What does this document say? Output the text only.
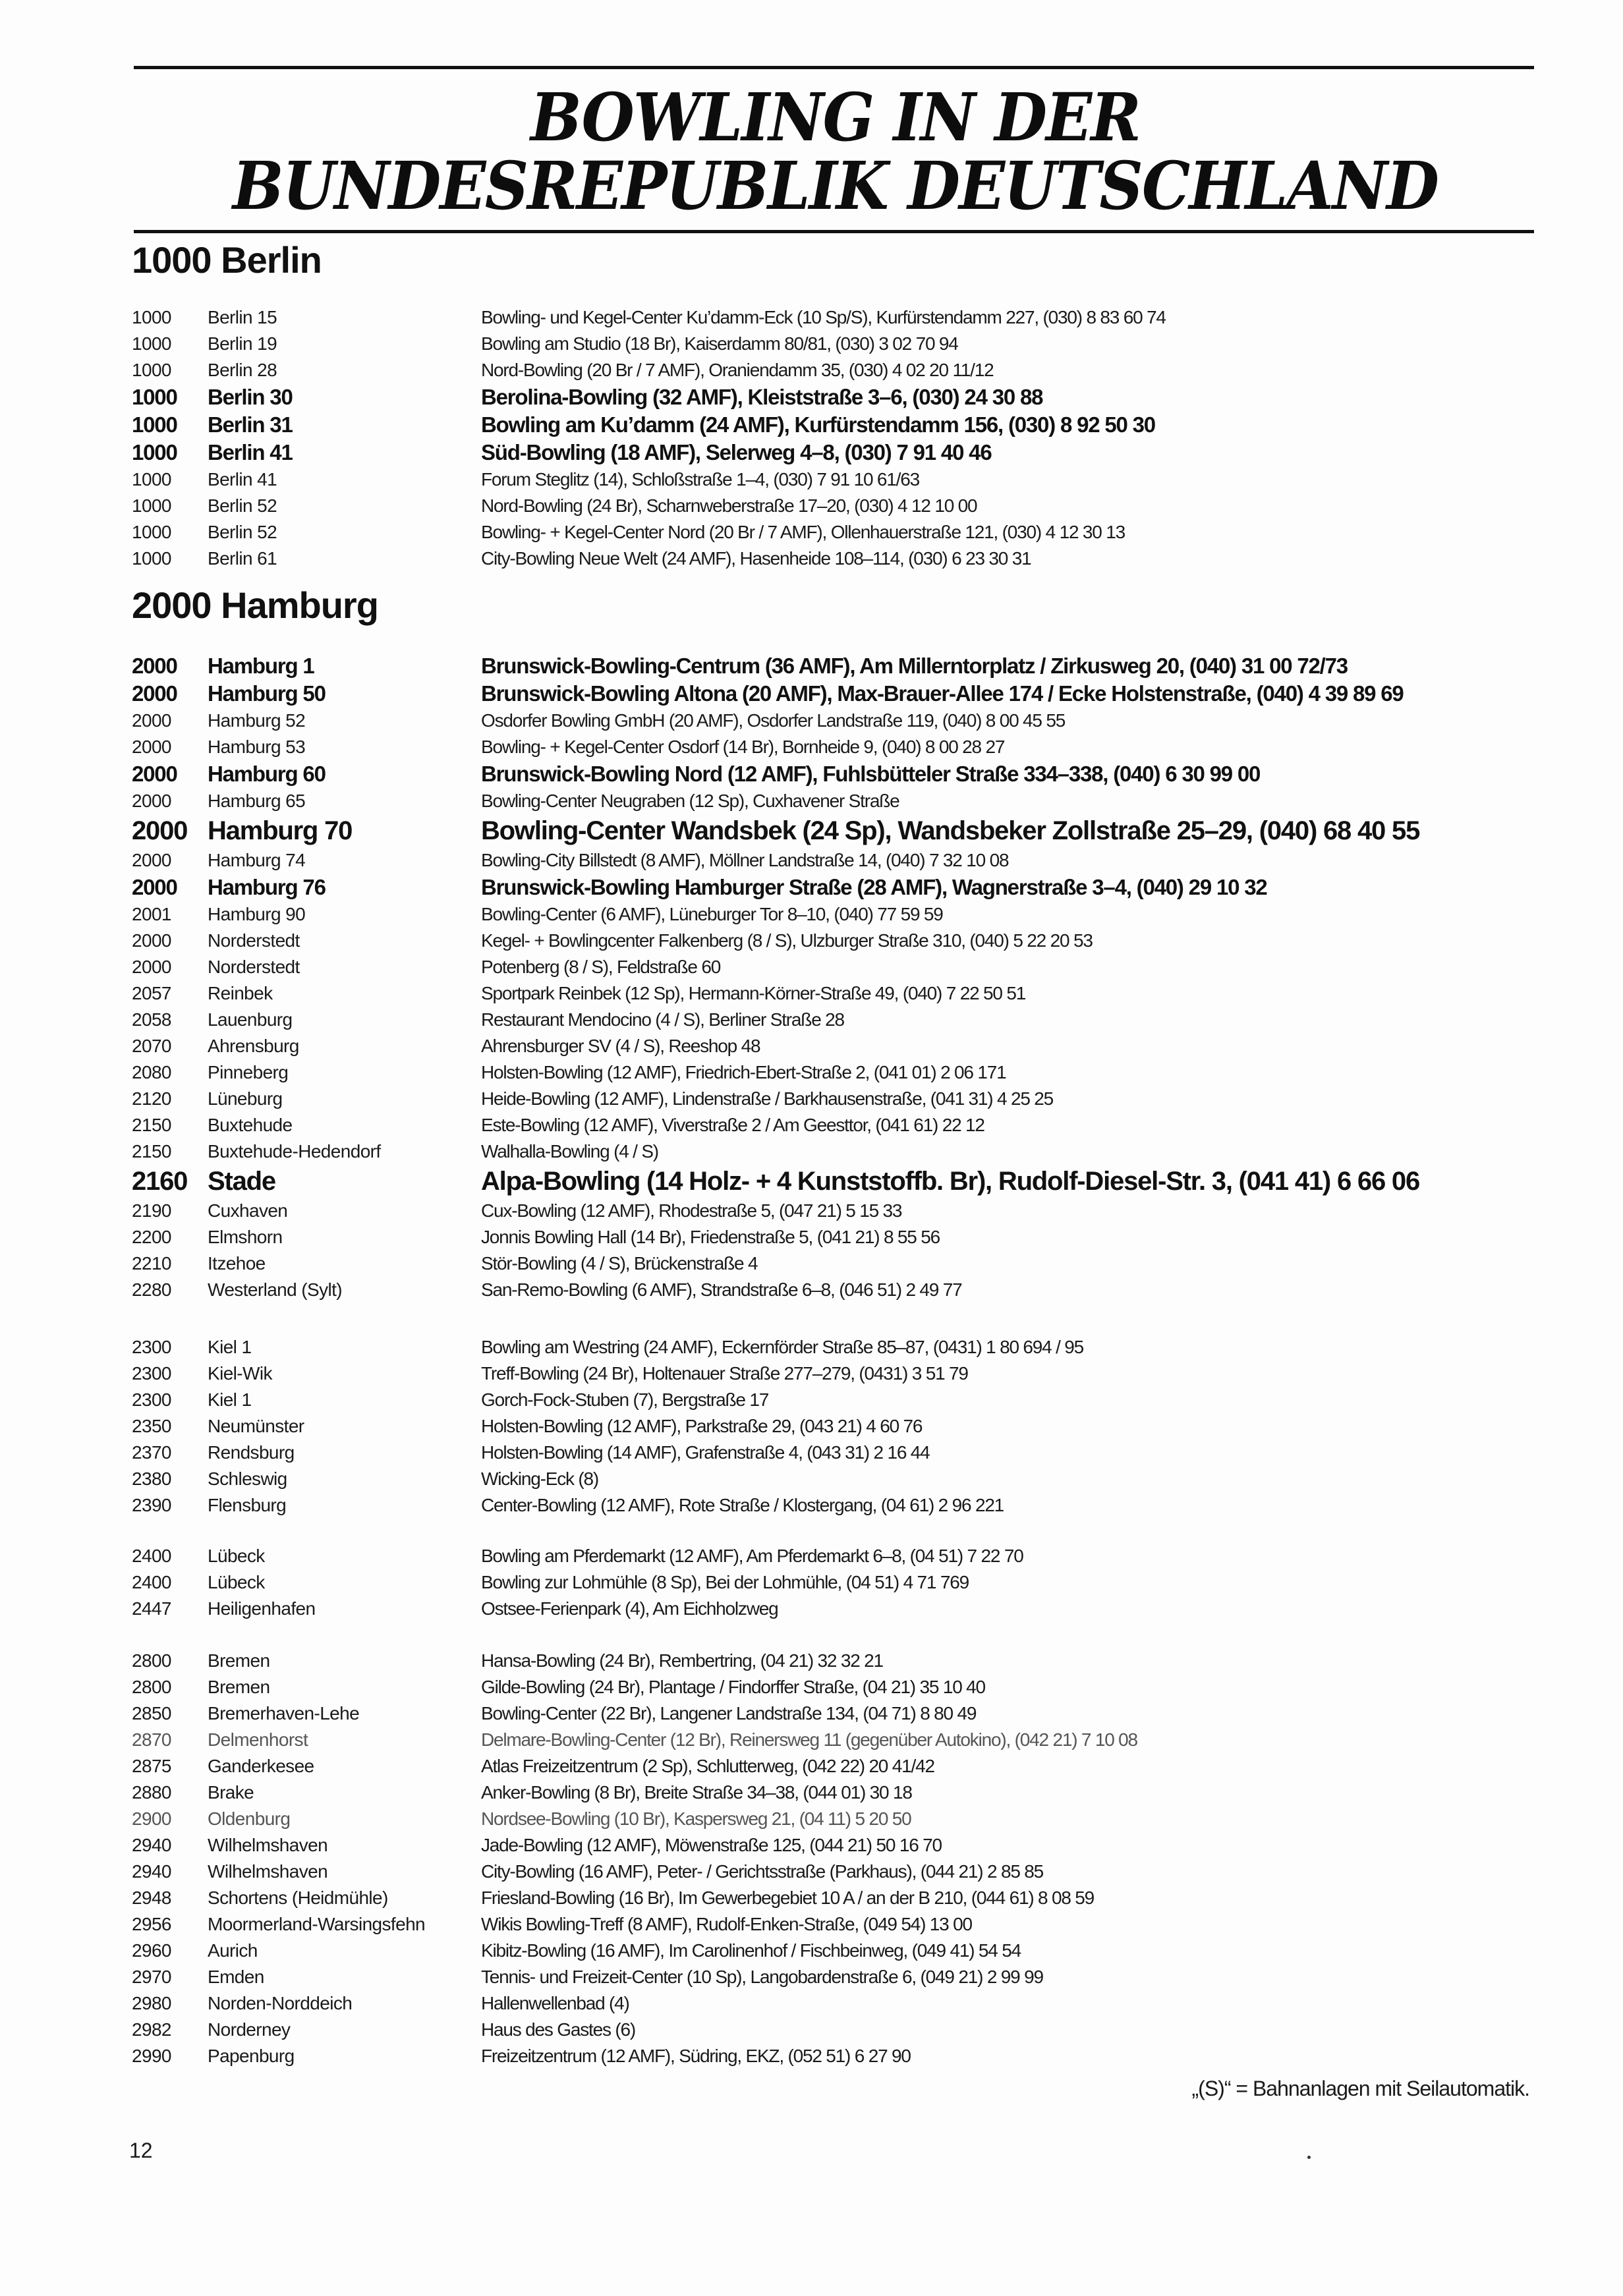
BOWLING IN DER
BUNDESREPUBLIK DEUTSCHLAND
1000 Berlin
1000 Berlin 15	Bowling- und Kegel-Center Ku’damm-Eck (10 Sp/S), Kurfürstendamm 227, (030) 8 83 60 74
1000 Berlin 19	Bowling am Studio (18 Br), Kaiserdamm 80/81, (030) 3 02 70 94
1000 Berlin 28	Nord-Bowling (20 Br / 7 AMF), Oraniendamm 35, (030) 4 02 20 11/12
1000 Berlin 30	Berolina-Bowling (32 AMF), Kleiststraße 3–6, (030) 24 30 88
1000 Berlin 31	Bowling am Ku’damm (24 AMF), Kurfürstendamm 156, (030) 8 92 50 30
1000 Berlin 41	Süd-Bowling (18 AMF), Selerweg 4–8, (030) 7 91 40 46
1000 Berlin 41	Forum Steglitz (14), Schloßstraße 1–4, (030) 7 91 10 61/63
1000 Berlin 52	Nord-Bowling (24 Br), Scharnweberstraße 17–20, (030) 4 12 10 00
1000 Berlin 52	Bowling- + Kegel-Center Nord (20 Br / 7 AMF), Ollenhauerstraße 121, (030) 4 12 30 13
1000 Berlin 61	City-Bowling Neue Welt (24 AMF), Hasenheide 108–114, (030) 6 23 30 31
2000 Hamburg
2000 Hamburg 1	Brunswick-Bowling-Centrum (36 AMF), Am Millerntorplatz / Zirkusweg 20, (040) 31 00 72/73
2000 Hamburg 50	Brunswick-Bowling Altona (20 AMF), Max-Brauer-Allee 174 / Ecke Holstenstraße, (040) 4 39 89 69
2000 Hamburg 52	Osdorfer Bowling GmbH (20 AMF), Osdorfer Landstraße 119, (040) 8 00 45 55
2000 Hamburg 53	Bowling- + Kegel-Center Osdorf (14 Br), Bornheide 9, (040) 8 00 28 27
2000 Hamburg 60	Brunswick-Bowling Nord (12 AMF), Fuhlsbütteler Straße 334–338, (040) 6 30 99 00
2000 Hamburg 65	Bowling-Center Neugraben (12 Sp), Cuxhavener Straße
2000 Hamburg 70	Bowling-Center Wandsbek (24 Sp), Wandsbeker Zollstraße 25–29, (040) 68 40 55
2000 Hamburg 74	Bowling-City Billstedt (8 AMF), Möllner Landstraße 14, (040) 7 32 10 08
2000 Hamburg 76	Brunswick-Bowling Hamburger Straße (28 AMF), Wagnerstraße 3–4, (040) 29 10 32
2001 Hamburg 90	Bowling-Center (6 AMF), Lüneburger Tor 8–10, (040) 77 59 59
2000 Norderstedt	Kegel- + Bowlingcenter Falkenberg (8 / S), Ulzburger Straße 310, (040) 5 22 20 53
2000 Norderstedt	Potenberg (8 / S), Feldstraße 60
2057 Reinbek	Sportpark Reinbek (12 Sp), Hermann-Körner-Straße 49, (040) 7 22 50 51
2058 Lauenburg	Restaurant Mendocino (4 / S), Berliner Straße 28
2070 Ahrensburg	Ahrensburger SV (4 / S), Reeshop 48
2080 Pinneberg	Holsten-Bowling (12 AMF), Friedrich-Ebert-Straße 2, (041 01) 2 06 171
2120 Lüneburg	Heide-Bowling (12 AMF), Lindenstraße / Barkhausenstraße, (041 31) 4 25 25
2150 Buxtehude	Este-Bowling (12 AMF), Viverstraße 2 / Am Geesttor, (041 61) 22 12
2150 Buxtehude-Hedendorf	Walhalla-Bowling (4 / S)
2160 Stade	Alpa-Bowling (14 Holz- + 4 Kunststoffb. Br), Rudolf-Diesel-Str. 3, (041 41) 6 66 06
2190 Cuxhaven	Cux-Bowling (12 AMF), Rhodestraße 5, (047 21) 5 15 33
2200 Elmshorn	Jonnis Bowling Hall (14 Br), Friedenstraße 5, (041 21) 8 55 56
2210 Itzehoe	Stör-Bowling (4 / S), Brückenstraße 4
2280 Westerland (Sylt)	San-Remo-Bowling (6 AMF), Strandstraße 6–8, (046 51) 2 49 77
2300 Kiel 1	Bowling am Westring (24 AMF), Eckernförder Straße 85–87, (0431) 1 80 694 / 95
2300 Kiel-Wik	Treff-Bowling (24 Br), Holtenauer Straße 277–279, (0431) 3 51 79
2300 Kiel 1	Gorch-Fock-Stuben (7), Bergstraße 17
2350 Neumünster	Holsten-Bowling (12 AMF), Parkstraße 29, (043 21) 4 60 76
2370 Rendsburg	Holsten-Bowling (14 AMF), Grafenstraße 4, (043 31) 2 16 44
2380 Schleswig	Wicking-Eck (8)
2390 Flensburg	Center-Bowling (12 AMF), Rote Straße / Klostergang, (04 61) 2 96 221
2400 Lübeck	Bowling am Pferdemarkt (12 AMF), Am Pferdemarkt 6–8, (04 51) 7 22 70
2400 Lübeck	Bowling zur Lohmühle (8 Sp), Bei der Lohmühle, (04 51) 4 71 769
2447 Heiligenhafen	Ostsee-Ferienpark (4), Am Eichholzweg
2800 Bremen	Hansa-Bowling (24 Br), Rembertring, (04 21) 32 32 21
2800 Bremen	Gilde-Bowling (24 Br), Plantage / Findorffer Straße, (04 21) 35 10 40
2850 Bremerhaven-Lehe	Bowling-Center (22 Br), Langener Landstraße 134, (04 71) 8 80 49
2870 Delmenhorst	Delmare-Bowling-Center (12 Br), Reinersweg 11 (gegenüber Autokino), (042 21) 7 10 08
2875 Ganderkesee	Atlas Freizeitzentrum (2 Sp), Schlutterweg, (042 22) 20 41/42
2880 Brake	Anker-Bowling (8 Br), Breite Straße 34–38, (044 01) 30 18
2900 Oldenburg	Nordsee-Bowling (10 Br), Kaspersweg 21, (04 11) 5 20 50
2940 Wilhelmshaven	Jade-Bowling (12 AMF), Möwenstraße 125, (044 21) 50 16 70
2940 Wilhelmshaven	City-Bowling (16 AMF), Peter- / Gerichtsstraße (Parkhaus), (044 21) 2 85 85
2948 Schortens (Heidmühle)	Friesland-Bowling (16 Br), Im Gewerbegebiet 10 A / an der B 210, (044 61) 8 08 59
2956 Moormerland-Warsingsfehn	Wikis Bowling-Treff (8 AMF), Rudolf-Enken-Straße, (049 54) 13 00
2960 Aurich	Kibitz-Bowling (16 AMF), Im Carolinenhof / Fischbeinweg, (049 41) 54 54
2970 Emden	Tennis- und Freizeit-Center (10 Sp), Langobardenstraße 6, (049 21) 2 99 99
2980 Norden-Norddeich	Hallenwellenbad (4)
2982 Norderney	Haus des Gastes (6)
2990 Papenburg	Freizeitzentrum (12 AMF), Südring, EKZ, (052 51) 6 27 90
„(S)“ = Bahnanlagen mit Seilautomatik.
12
